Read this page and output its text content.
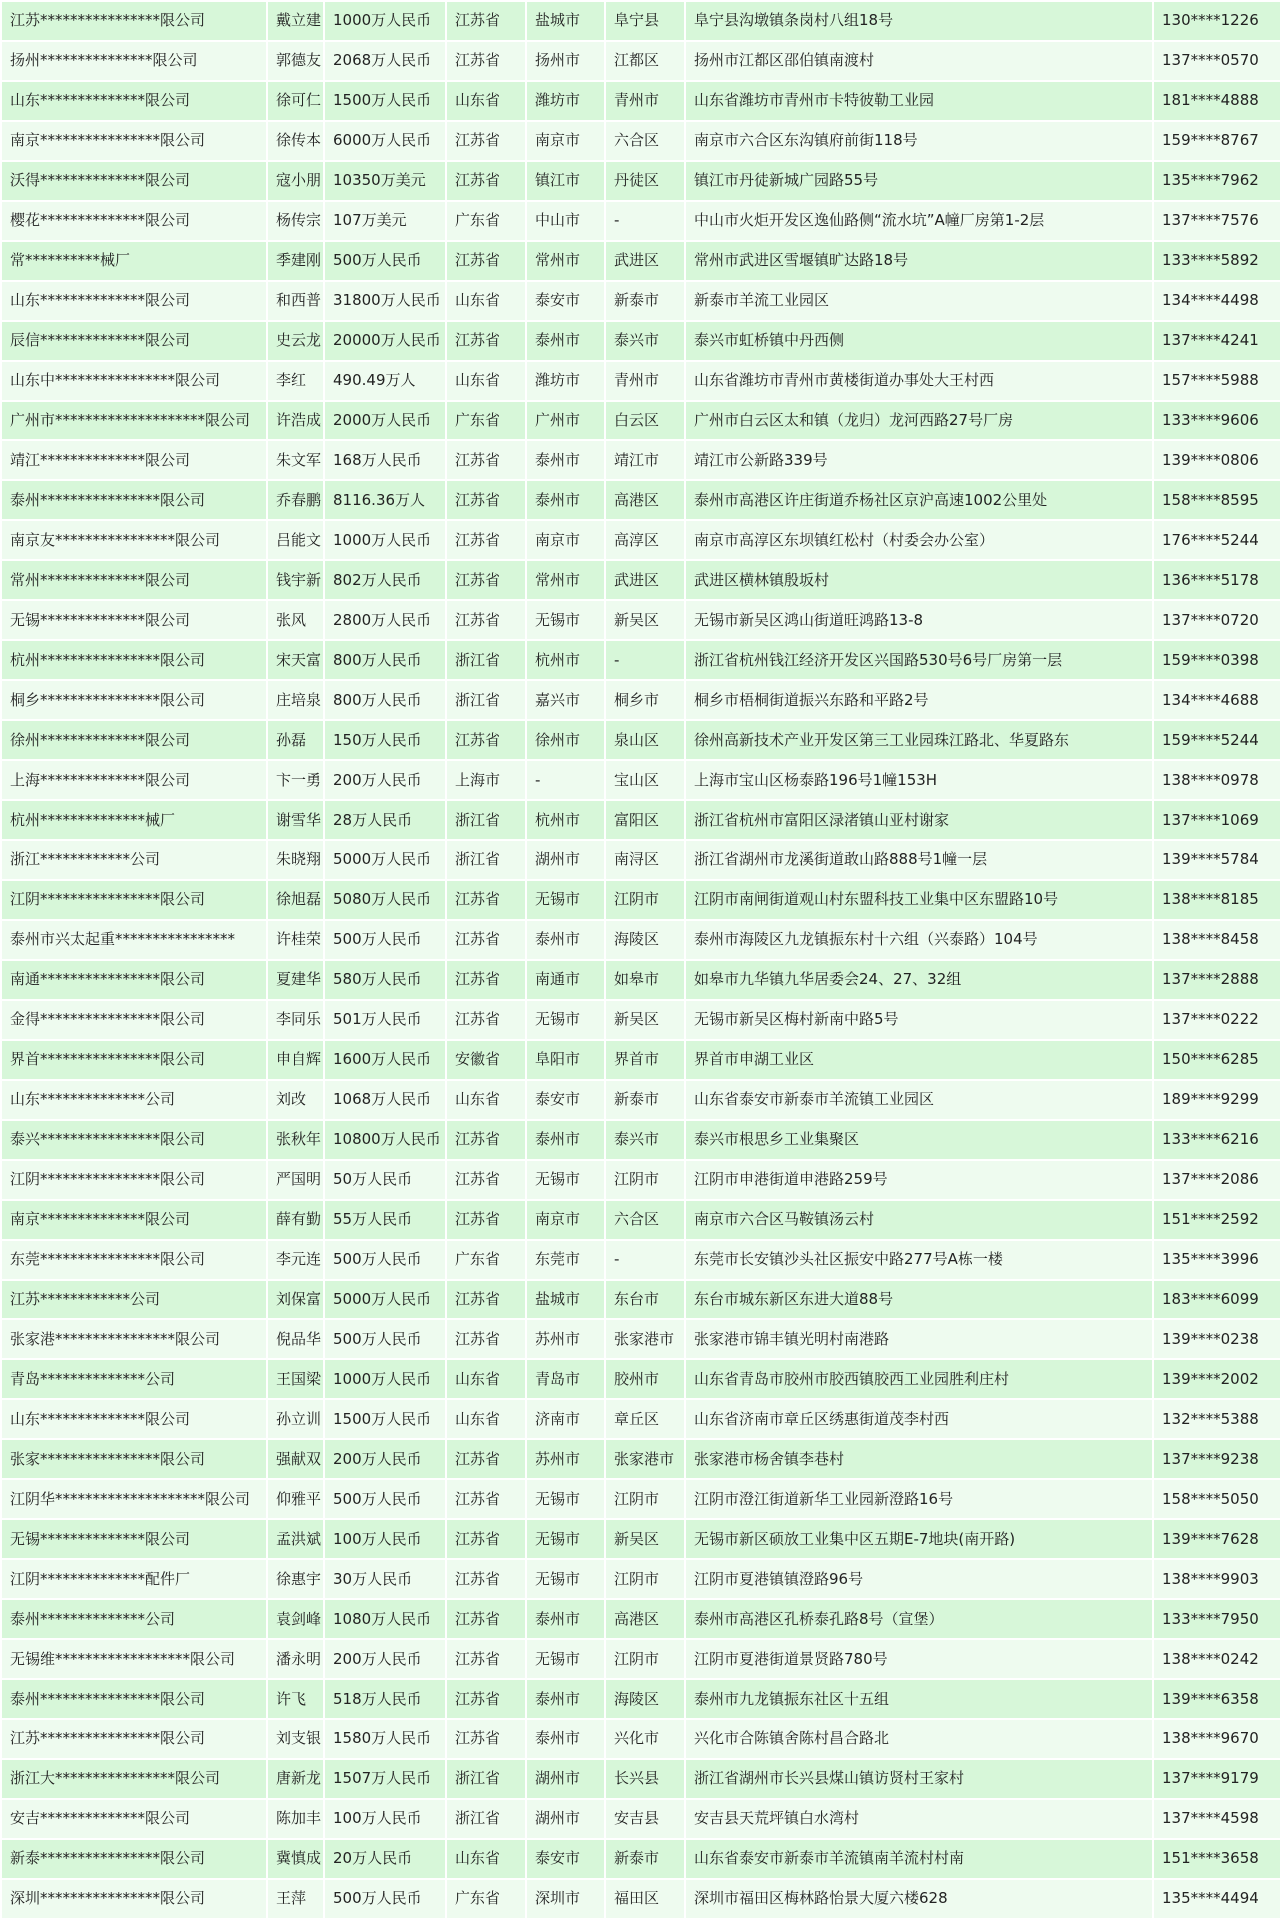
江苏****************限公司	戴立建	1000万人民币	江苏省	盐城市	阜宁县	阜宁县沟墩镇条岗村八组18号	130****1226
扬州***************限公司	郭德友	2068万人民币	江苏省	扬州市	江都区	扬州市江都区邵伯镇南渡村	137****0570
山东**************限公司	徐可仁	1500万人民币	山东省	潍坊市	青州市	山东省潍坊市青州市卡特彼勒工业园	181****4888
南京****************限公司	徐传本	6000万人民币	江苏省	南京市	六合区	南京市六合区东沟镇府前街118号	159****8767
沃得**************限公司	寇小朋	10350万美元	江苏省	镇江市	丹徒区	镇江市丹徒新城广园路55号	135****7962
樱花**************限公司	杨传宗	107万美元	广东省	中山市	-	中山市火炬开发区逸仙路侧“流水坑”A幢厂房第1-2层	137****7576
常**********械厂	季建刚	500万人民币	江苏省	常州市	武进区	常州市武进区雪堰镇旷达路18号	133****5892
山东**************限公司	和西普	31800万人民币	山东省	泰安市	新泰市	新泰市羊流工业园区	134****4498
辰信**************限公司	史云龙	20000万人民币	江苏省	泰州市	泰兴市	泰兴市虹桥镇中丹西侧	137****4241
山东中****************限公司	李红	490.49万人	山东省	潍坊市	青州市	山东省潍坊市青州市黄楼街道办事处大王村西	157****5988
广州市********************限公司	许浩成	2000万人民币	广东省	广州市	白云区	广州市白云区太和镇（龙归）龙河西路27号厂房	133****9606
靖江**************限公司	朱文军	168万人民币	江苏省	泰州市	靖江市	靖江市公新路339号	139****0806
泰州****************限公司	乔春鹏	8116.36万人	江苏省	泰州市	高港区	泰州市高港区许庄街道乔杨社区京沪高速1002公里处	158****8595
南京友****************限公司	吕能文	1000万人民币	江苏省	南京市	高淳区	南京市高淳区东坝镇红松村（村委会办公室）	176****5244
常州**************限公司	钱宇新	802万人民币	江苏省	常州市	武进区	武进区横林镇殷坂村	136****5178
无锡**************限公司	张风	2800万人民币	江苏省	无锡市	新吴区	无锡市新吴区鸿山街道旺鸿路13-8	137****0720
杭州****************限公司	宋天富	800万人民币	浙江省	杭州市	-	浙江省杭州钱江经济开发区兴国路530号6号厂房第一层	159****0398
桐乡****************限公司	庄培泉	800万人民币	浙江省	嘉兴市	桐乡市	桐乡市梧桐街道振兴东路和平路2号	134****4688
徐州**************限公司	孙磊	150万人民币	江苏省	徐州市	泉山区	徐州高新技术产业开发区第三工业园珠江路北、华夏路东	159****5244
上海**************限公司	卞一勇	200万人民币	上海市	-	宝山区	上海市宝山区杨泰路196号1幢153H	138****0978
杭州**************械厂	谢雪华	28万人民币	浙江省	杭州市	富阳区	浙江省杭州市富阳区渌渚镇山亚村谢家	137****1069
浙江************公司	朱晓翔	5000万人民币	浙江省	湖州市	南浔区	浙江省湖州市龙溪街道敢山路888号1幢一层	139****5784
江阴****************限公司	徐旭磊	5080万人民币	江苏省	无锡市	江阴市	江阴市南闸街道观山村东盟科技工业集中区东盟路10号	138****8185
泰州市兴太起重****************	许桂荣	500万人民币	江苏省	泰州市	海陵区	泰州市海陵区九龙镇振东村十六组（兴泰路）104号	138****8458
南通****************限公司	夏建华	580万人民币	江苏省	南通市	如皋市	如皋市九华镇九华居委会24、27、32组	137****2888
金得****************限公司	李同乐	501万人民币	江苏省	无锡市	新吴区	无锡市新吴区梅村新南中路5号	137****0222
界首****************限公司	申自辉	1600万人民币	安徽省	阜阳市	界首市	界首市申湖工业区	150****6285
山东**************公司	刘改	1068万人民币	山东省	泰安市	新泰市	山东省泰安市新泰市羊流镇工业园区	189****9299
泰兴****************限公司	张秋年	10800万人民币	江苏省	泰州市	泰兴市	泰兴市根思乡工业集聚区	133****6216
江阴****************限公司	严国明	50万人民币	江苏省	无锡市	江阴市	江阴市申港街道申港路259号	137****2086
南京**************限公司	薛有勤	55万人民币	江苏省	南京市	六合区	南京市六合区马鞍镇汤云村	151****2592
东莞****************限公司	李元连	500万人民币	广东省	东莞市	-	东莞市长安镇沙头社区振安中路277号A栋一楼	135****3996
江苏************公司	刘保富	5000万人民币	江苏省	盐城市	东台市	东台市城东新区东进大道88号	183****6099
张家港****************限公司	倪品华	500万人民币	江苏省	苏州市	张家港市	张家港市锦丰镇光明村南港路	139****0238
青岛**************公司	王国梁	1000万人民币	山东省	青岛市	胶州市	山东省青岛市胶州市胶西镇胶西工业园胜利庄村	139****2002
山东**************限公司	孙立训	1500万人民币	山东省	济南市	章丘区	山东省济南市章丘区绣惠街道茂李村西	132****5388
张家****************限公司	强献双	200万人民币	江苏省	苏州市	张家港市	张家港市杨舍镇李巷村	137****9238
江阴华********************限公司	仰雅平	500万人民币	江苏省	无锡市	江阴市	江阴市澄江街道新华工业园新澄路16号	158****5050
无锡**************限公司	孟洪斌	100万人民币	江苏省	无锡市	新吴区	无锡市新区硕放工业集中区五期E-7地块(南开路)	139****7628
江阴**************配件厂	徐惠宇	30万人民币	江苏省	无锡市	江阴市	江阴市夏港镇镇澄路96号	138****9903
泰州**************公司	袁剑峰	1080万人民币	江苏省	泰州市	高港区	泰州市高港区孔桥泰孔路8号（宣堡）	133****7950
无锡维******************限公司	潘永明	200万人民币	江苏省	无锡市	江阴市	江阴市夏港街道景贤路780号	138****0242
泰州****************限公司	许飞	518万人民币	江苏省	泰州市	海陵区	泰州市九龙镇振东社区十五组	139****6358
江苏****************限公司	刘支银	1580万人民币	江苏省	泰州市	兴化市	兴化市合陈镇舍陈村昌合路北	138****9670
浙江大****************限公司	唐新龙	1507万人民币	浙江省	湖州市	长兴县	浙江省湖州市长兴县煤山镇访贤村王家村	137****9179
安吉**************限公司	陈加丰	100万人民币	浙江省	湖州市	安吉县	安吉县天荒坪镇白水湾村	137****4598
新泰****************限公司	冀慎成	20万人民币	山东省	泰安市	新泰市	山东省泰安市新泰市羊流镇南羊流村村南	151****3658
深圳****************限公司	王萍	500万人民币	广东省	深圳市	福田区	深圳市福田区梅林路怡景大厦六楼628	135****4494
